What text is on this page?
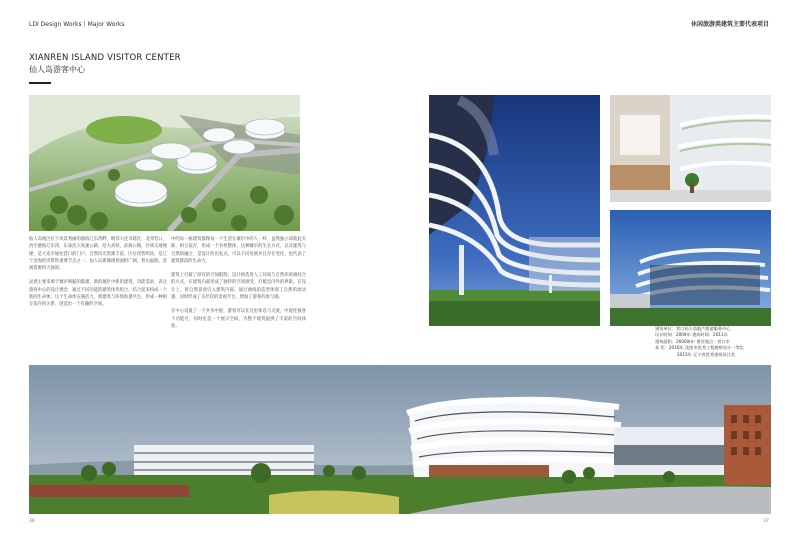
LDI Design Works丨Major Works	休闲旅游类建筑主要代表项目
XIANREN ISLAND VISITOR CENTER
仙人岛游客中心

仙人岛地区位于风景秀丽的渤海辽东湾畔，毗邻大连市辖区，北邻营口，西至渤海辽东湾，东靠沈大高速公路、哈大高铁、滨海公路，区域交通便捷，是大连市通往营口的门户，自然风光资源丰富，区位优势明显，是辽宁沿海经济带的重要节点之一。仙人岛新城规划面积广阔，背山面海，景观资源得天独厚。

灵感主要来源于城市细腻的肌理、新的城区中新的建筑，功能需求，表达游客中心的设计理念，通过不同功能的建筑体块组合，结合起来构成一个新的生命体，这个生命体充满活力，使建筑与环境和谐共生，形成一种相互依存的关系，创造出一个有趣的空间。

中的每一栋建筑都像每一个生活在城市中的人一样，虽然独立却彼此关联，相互依存，形成一个有机整体。这种城市的生长方式，以及建筑与自然的融合，是设计的出发点。可以不同发展并且存在变化，也代表了建筑群落的生命力。

建筑上打破了原有的空间限制，设计师选用人工环境与自然环境相结合的方式，在建筑内部形成了独特的空间感受，打破室内外的界限。在设计上，将自然景观引入建筑内部，通过曲线的造型体现了自然的流动感，同时形成了多层次的景观平台，增加了游客的参与感。

在中心设置了一个共享中庭，游客可以在这里休息与交流，中庭连接各个功能区，同时也是一个展示空间，为整个建筑提供了丰富的空间体验。	建筑单位：营口仙人岛地产旅游服务中心
设计时间：2009年 建成时间：2011年
建筑面积：26000m² 建设地点：营口市
获 奖：2016年 沈阳市优秀工程勘察设计一等奖
2015年 辽宁省优秀建筑设计奖
36	37
